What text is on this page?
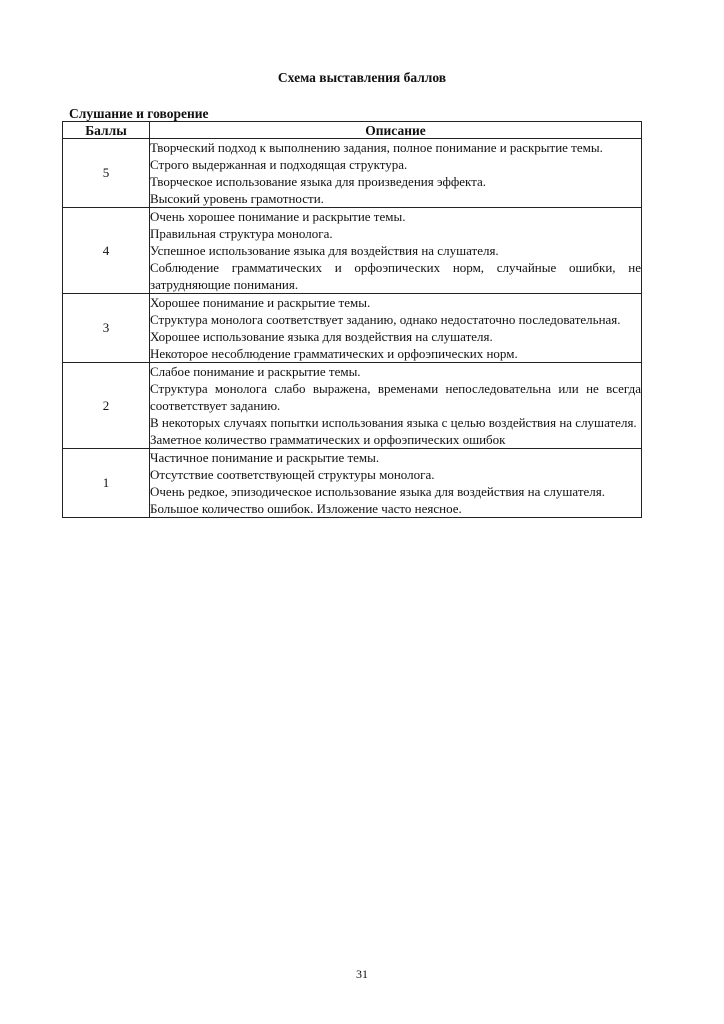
Схема выставления баллов
Слушание и говорение
Баллы	Описание
5	Творческий подход к выполнению задания, полное понимание и раскрытие темы.
Строго выдержанная и подходящая структура.
Творческое использование языка для произведения эффекта.
Высокий уровень грамотности.

4	Очень хорошее понимание и раскрытие темы.
Правильная структура монолога.
Успешное использование языка для воздействия на слушателя.
Соблюдение грамматических и орфоэпических норм, случайные ошибки, не затрудняющие понимания.

3	Хорошее понимание и раскрытие темы.
Структура монолога соответствует заданию, однако недостаточно последовательная.
Хорошее использование языка для воздействия на слушателя.
Некоторое несоблюдение грамматических и орфоэпических норм.

2	Слабое понимание и раскрытие темы.
Структура монолога слабо выражена, временами непоследовательна или не всегда соответствует заданию.
В некоторых случаях попытки использования языка с целью воздействия на слушателя.
Заметное количество грамматических и орфоэпических ошибок

1	Частичное понимание и раскрытие темы.
Отсутствие соответствующей структуры монолога.
Очень редкое, эпизодическое использование языка для воздействия на слушателя.
Большое количество ошибок. Изложение часто неясное.
31
